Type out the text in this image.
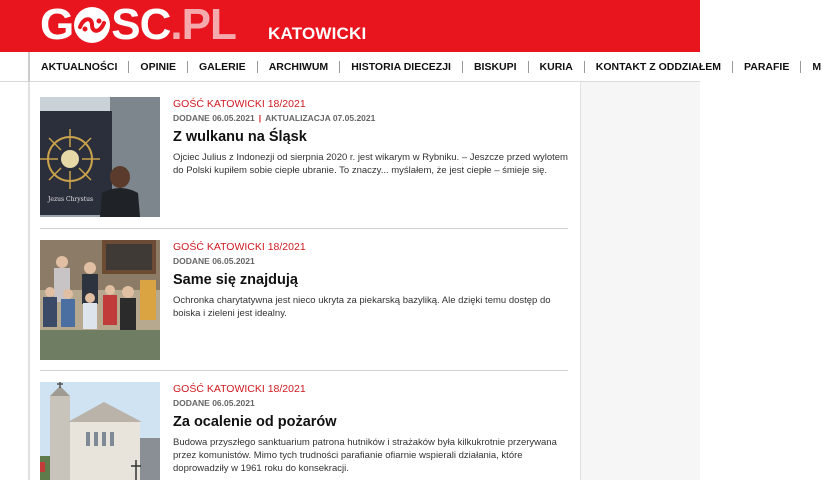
G SC . PL KATOWICKI
AKTUALNOŚCI	OPINIE	GALERIE	ARCHIWUM	HISTORIA DIECEZJI	BISKUPI	KURIA	KONTAKT Z ODDZIAŁEM	PARAFIE	M
Jezus Chrystus
GOŚĆ KATOWICKI 18/2021
DODANE 06.05.2021 | AKTUALIZACJA 07.05.2021
Z wulkanu na Śląsk
Ojciec Julius z Indonezji od sierpnia 2020 r. jest wikarym w Rybniku. – Jeszcze przed wylotem do Polski kupiłem sobie ciepłe ubranie. To znaczy... myślałem, że jest ciepłe – śmieje się.
GOŚĆ KATOWICKI 18/2021
DODANE 06.05.2021
Same się znajdują
Ochronka charytatywna jest nieco ukryta za piekarską bazyliką. Ale dzięki temu dostęp do boiska i zieleni jest idealny.
GOŚĆ KATOWICKI 18/2021
DODANE 06.05.2021
Za ocalenie od pożarów
Budowa przyszłego sanktuarium patrona hutników i strażaków była kilkukrotnie przerywana przez komunistów. Mimo tych trudności parafianie ofiarnie wspierali działania, które doprowadziły w 1961 roku do konsekracji.
